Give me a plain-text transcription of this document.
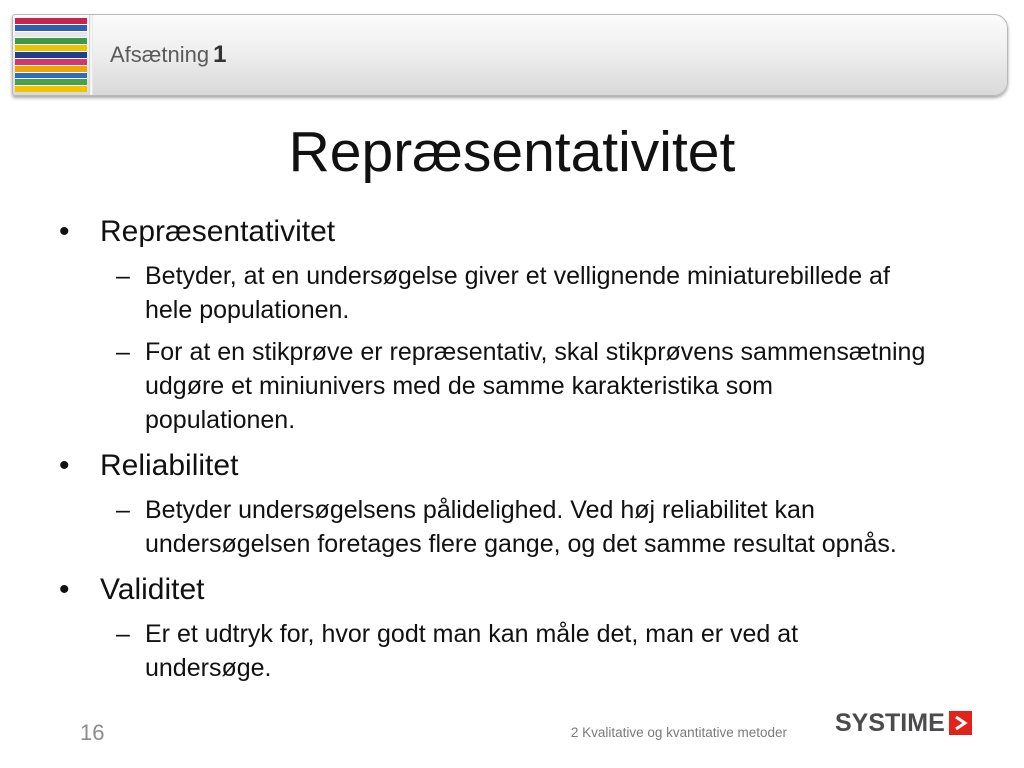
Afsætning 1
Repræsentativitet
• Repræsentativitet
– Betyder, at en undersøgelse giver et vellignende miniaturebillede af
hele populationen.
– For at en stikprøve er repræsentativ, skal stikprøvens sammensætning
udgøre et miniunivers med de samme karakteristika som
populationen.
• Reliabilitet
– Betyder undersøgelsens pålidelighed. Ved høj reliabilitet kan
undersøgelsen foretages flere gange, og det samme resultat opnås.
• Validitet
– Er et udtryk for, hvor godt man kan måle det, man er ved at
undersøge.
16	2 Kvalitative og kvantitative metoder SYSTIME
